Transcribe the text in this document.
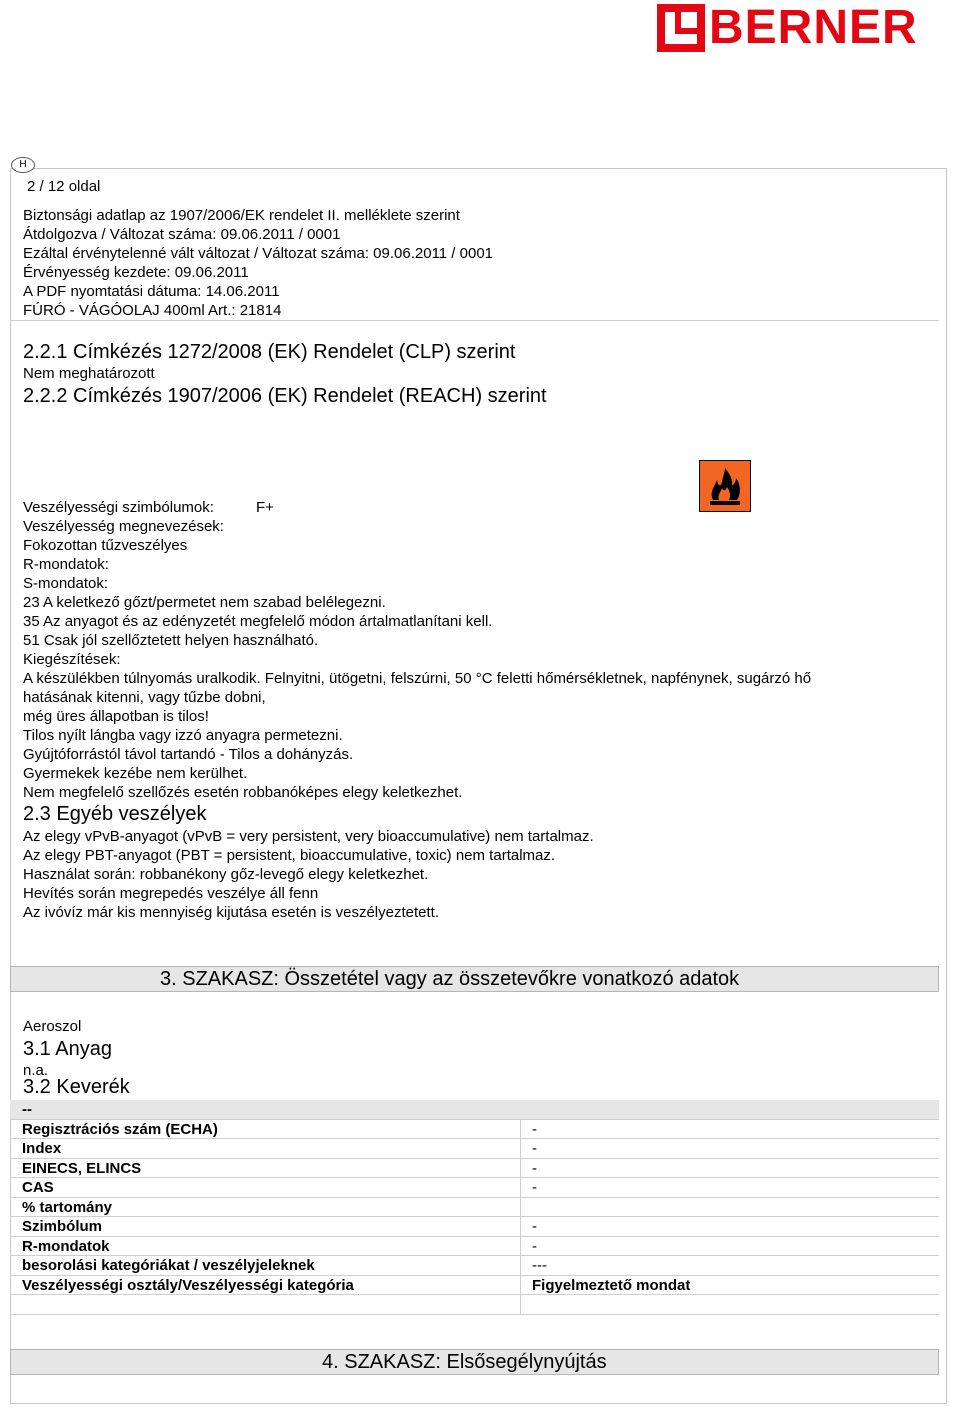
BERNER
H
2 / 12 oldal
Biztonsági adatlap az 1907/2006/EK rendelet II. melléklete szerint
Átdolgozva / Változat száma: 09.06.2011 / 0001
Ezáltal érvénytelenné vált változat / Változat száma: 09.06.2011 / 0001
Érvényesség kezdete: 09.06.2011
A PDF nyomtatási dátuma: 14.06.2011
FÚRÓ - VÁGÓOLAJ 400ml Art.: 21814
2.2.1 Címkézés 1272/2008 (EK) Rendelet (CLP) szerint
Nem meghatározott
2.2.2 Címkézés 1907/2006 (EK) Rendelet (REACH) szerint
Veszélyességi szimbólumok:	F+
Veszélyesség megnevezések:
Fokozottan tűzveszélyes
R-mondatok:
S-mondatok:
23 A keletkező gőzt/permetet nem szabad belélegezni.
35 Az anyagot és az edényzetét megfelelő módon ártalmatlanítani kell.
51 Csak jól szellőztetett helyen használható.
Kiegészítések:
A készülékben túlnyomás uralkodik. Felnyitni, ütögetni, felszúrni, 50 °C feletti hőmérsékletnek, napfénynek, sugárzó hő
hatásának kitenni, vagy tűzbe dobni,
még üres állapotban is tilos!
Tilos nyílt lángba vagy izzó anyagra permetezni.
Gyújtóforrástól távol tartandó - Tilos a dohányzás.
Gyermekek kezébe nem kerülhet.
Nem megfelelő szellőzés esetén robbanóképes elegy keletkezhet.
2.3 Egyéb veszélyek
Az elegy vPvB-anyagot (vPvB = very persistent, very bioaccumulative) nem tartalmaz.
Az elegy PBT-anyagot (PBT = persistent, bioaccumulative, toxic) nem tartalmaz.
Használat során: robbanékony gőz-levegő elegy keletkezhet.
Hevítés során megrepedés veszélye áll fenn
Az ivóvíz már kis mennyiség kijutása esetén is veszélyeztetett.
3. SZAKASZ: Összetétel vagy az összetevőkre vonatkozó adatok
Aeroszol
3.1 Anyag
n.a.
3.2 Keverék
--
Regisztrációs szám (ECHA)	-
Index	-
EINECS, ELINCS	-
CAS	-
% tartomány
Szimbólum	-
R-mondatok	-
besorolási kategóriákat / veszélyjeleknek	---
Veszélyességi osztály/Veszélyességi kategória	Figyelmeztető mondat
4. SZAKASZ: Elsősegélynyújtás
